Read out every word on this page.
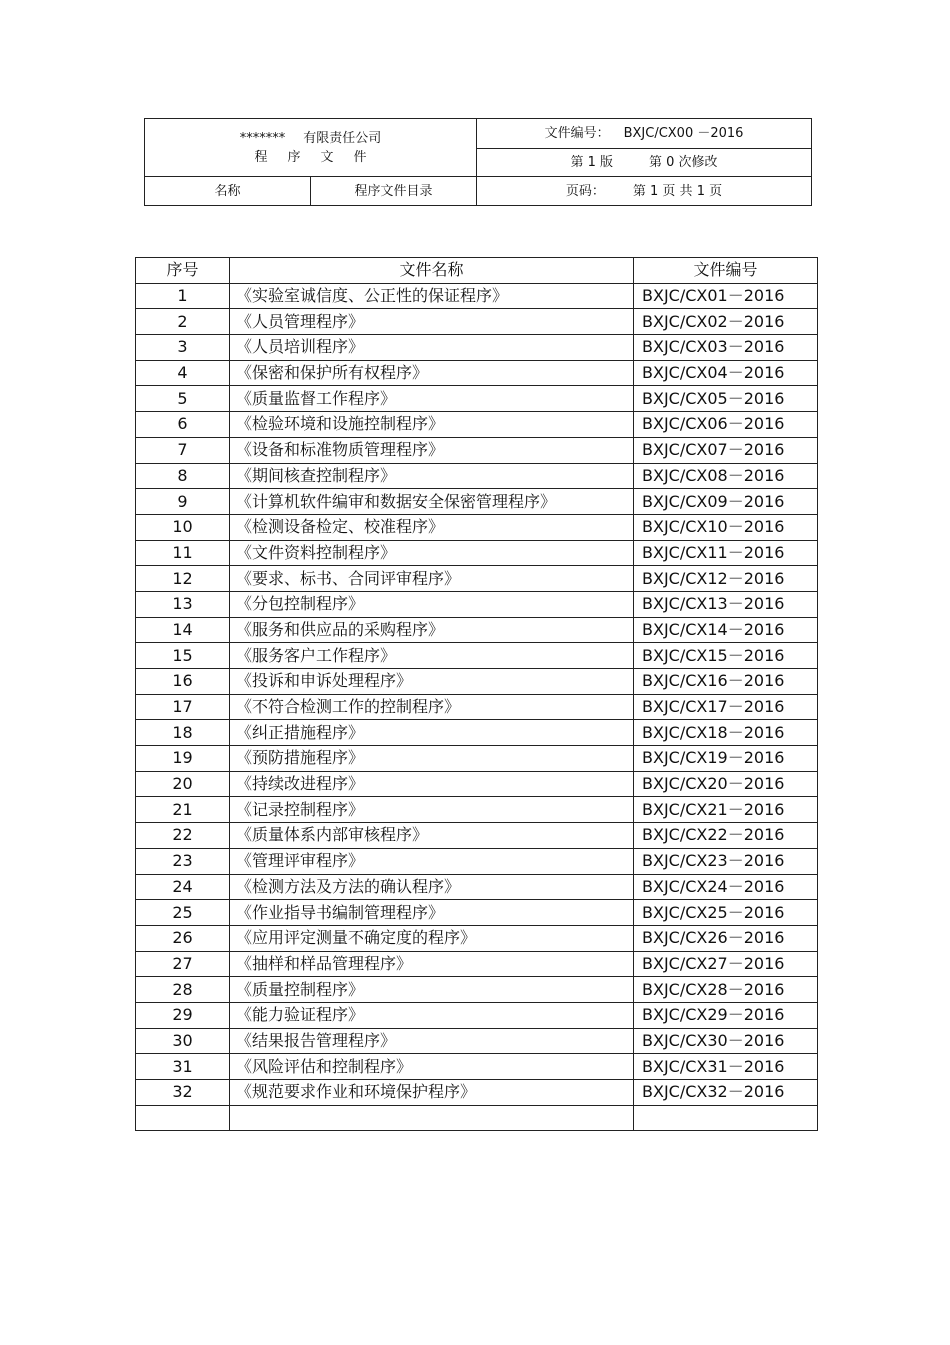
******* 有限责任公司
程序文件		文件编号： BXJC/CX00 －2016
		第 1 版 第 0 次修改
名称	程序文件目录	页码： 第 1 页 共 1 页
序号	文件名称	文件编号
1	《实验室诚信度、公正性的保证程序》	BXJC/CX01－2016
2	《人员管理程序》	BXJC/CX02－2016
3	《人员培训程序》	BXJC/CX03－2016
4	《保密和保护所有权程序》	BXJC/CX04－2016
5	《质量监督工作程序》	BXJC/CX05－2016
6	《检验环境和设施控制程序》	BXJC/CX06－2016
7	《设备和标准物质管理程序》	BXJC/CX07－2016
8	《期间核查控制程序》	BXJC/CX08－2016
9	《计算机软件编审和数据安全保密管理程序》	BXJC/CX09－2016
10	《检测设备检定、校准程序》	BXJC/CX10－2016
11	《文件资料控制程序》	BXJC/CX11－2016
12	《要求、标书、合同评审程序》	BXJC/CX12－2016
13	《分包控制程序》	BXJC/CX13－2016
14	《服务和供应品的采购程序》	BXJC/CX14－2016
15	《服务客户工作程序》	BXJC/CX15－2016
16	《投诉和申诉处理程序》	BXJC/CX16－2016
17	《不符合检测工作的控制程序》	BXJC/CX17－2016
18	《纠正措施程序》	BXJC/CX18－2016
19	《预防措施程序》	BXJC/CX19－2016
20	《持续改进程序》	BXJC/CX20－2016
21	《记录控制程序》	BXJC/CX21－2016
22	《质量体系内部审核程序》	BXJC/CX22－2016
23	《管理评审程序》	BXJC/CX23－2016
24	《检测方法及方法的确认程序》	BXJC/CX24－2016
25	《作业指导书编制管理程序》	BXJC/CX25－2016
26	《应用评定测量不确定度的程序》	BXJC/CX26－2016
27	《抽样和样品管理程序》	BXJC/CX27－2016
28	《质量控制程序》	BXJC/CX28－2016
29	《能力验证程序》	BXJC/CX29－2016
30	《结果报告管理程序》	BXJC/CX30－2016
31	《风险评估和控制程序》	BXJC/CX31－2016
32	《规范要求作业和环境保护程序》	BXJC/CX32－2016
